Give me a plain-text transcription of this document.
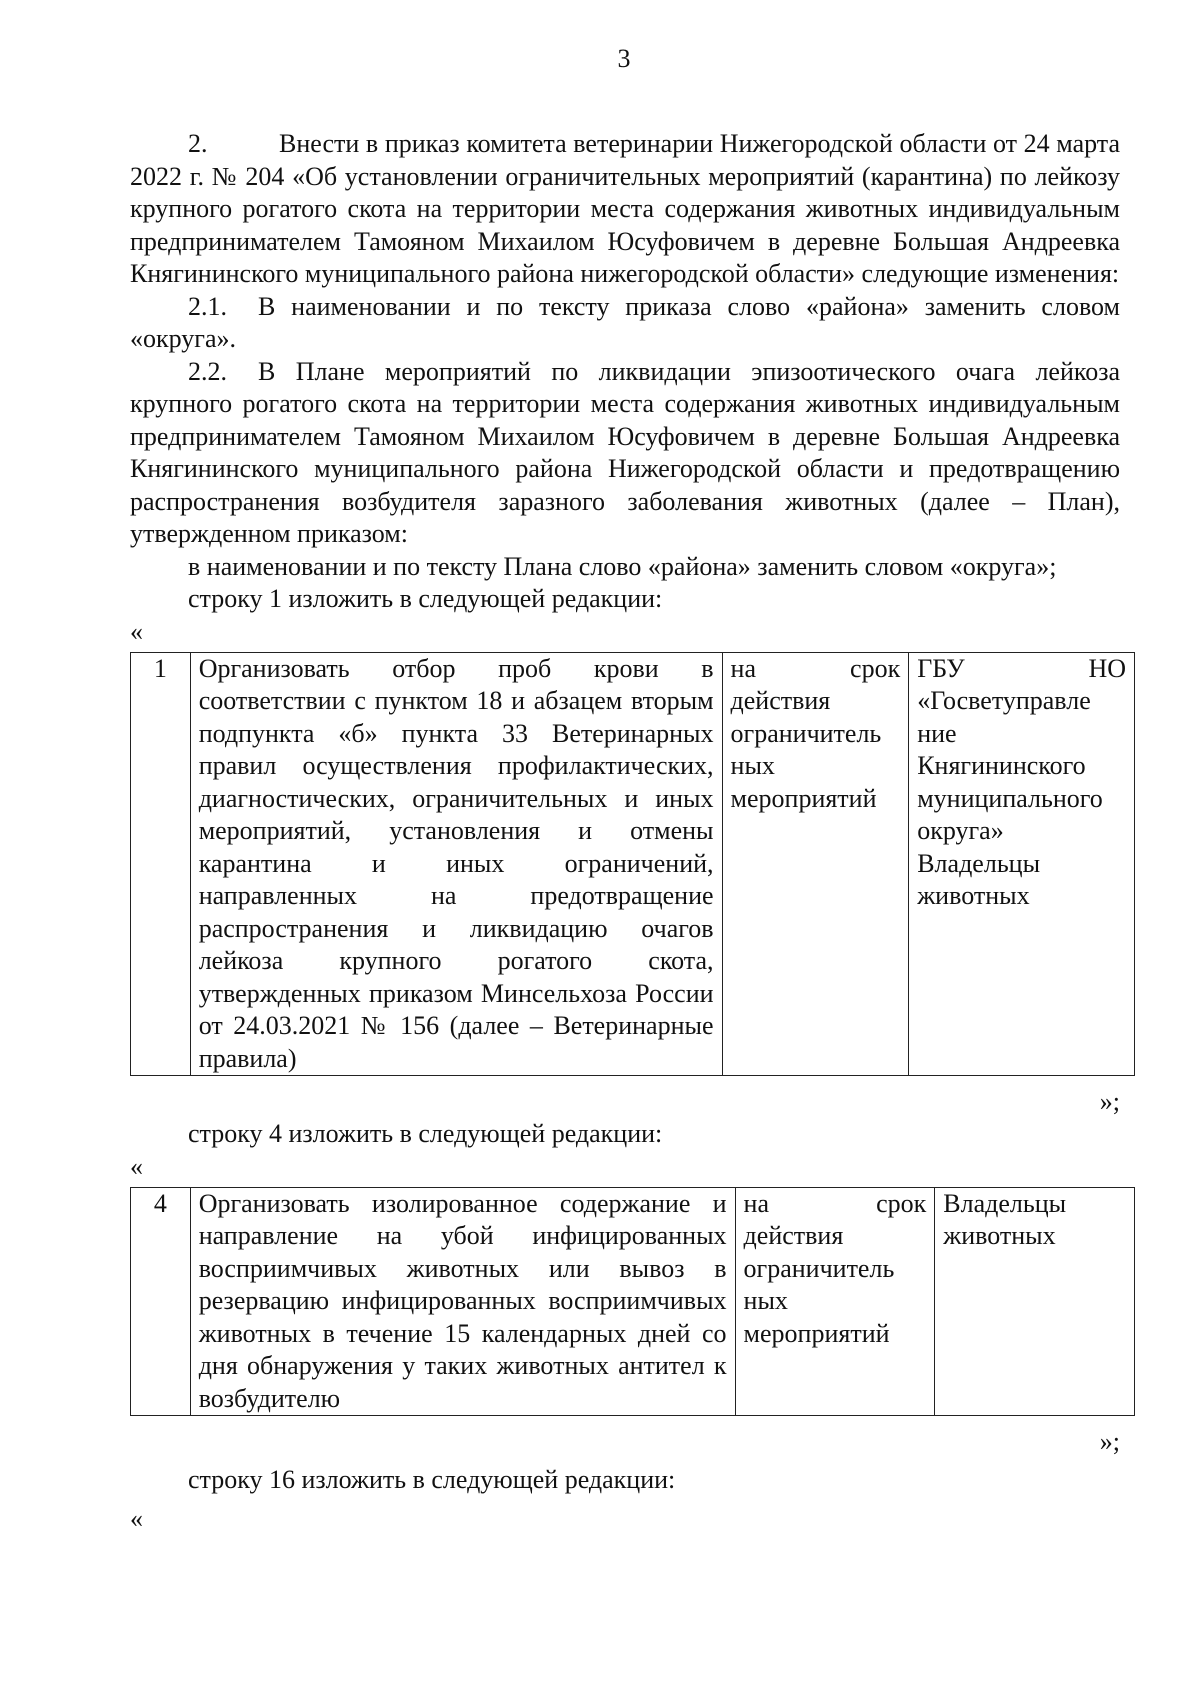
3

2.	Внести в приказ комитета ветеринарии Нижегородской области от 24 марта 2022 г. № 204 «Об установлении ограничительных мероприятий (карантина) по лейкозу крупного рогатого скота на территории места содержания животных индивидуальным предпринимателем Тамояном Михаилом Юсуфовичем в деревне Большая Андреевка Княгининского муниципального района нижегородской области» следующие изменения:

2.1. В наименовании и по тексту приказа слово «района» заменить словом «округа».

2.2. В Плане мероприятий по ликвидации эпизоотического очага лейкоза крупного рогатого скота на территории места содержания животных индивидуальным предпринимателем Тамояном Михаилом Юсуфовичем в деревне Большая Андреевка Княгининского муниципального района Нижегородской области и предотвращению распространения возбудителя заразного заболевания животных (далее – План), утвержденном приказом:

в наименовании и по тексту Плана слово «района» заменить словом «округа»;

строку 1 изложить в следующей редакции:

«

1	Организовать отбор проб крови в соответствии с пунктом 18 и абзацем вторым подпункта «б» пункта 33 Ветеринарных правил осуществления профилактических, диагностических, ограничительных и иных мероприятий, установления и отмены карантина и иных ограничений, направленных на предотвращение распространения и ликвидацию очагов лейкоза крупного рогатого скота, утвержденных приказом Минсельхоза России от 24.03.2021 № 156 (далее – Ветеринарные правила)	на срок действия ограничитель ных мероприятий	ГБУ НО «Госветуправле ние Княгининского муниципального округа» Владельцы животных

»;

строку 4 изложить в следующей редакции:

«

4	Организовать изолированное содержание и направление на убой инфицированных восприимчивых животных или вывоз в резервацию инфицированных восприимчивых животных в течение 15 календарных дней со дня обнаружения у таких животных антител к возбудителю	на срок действия ограничитель ных мероприятий	Владельцы животных

»;

строку 16 изложить в следующей редакции:

«
